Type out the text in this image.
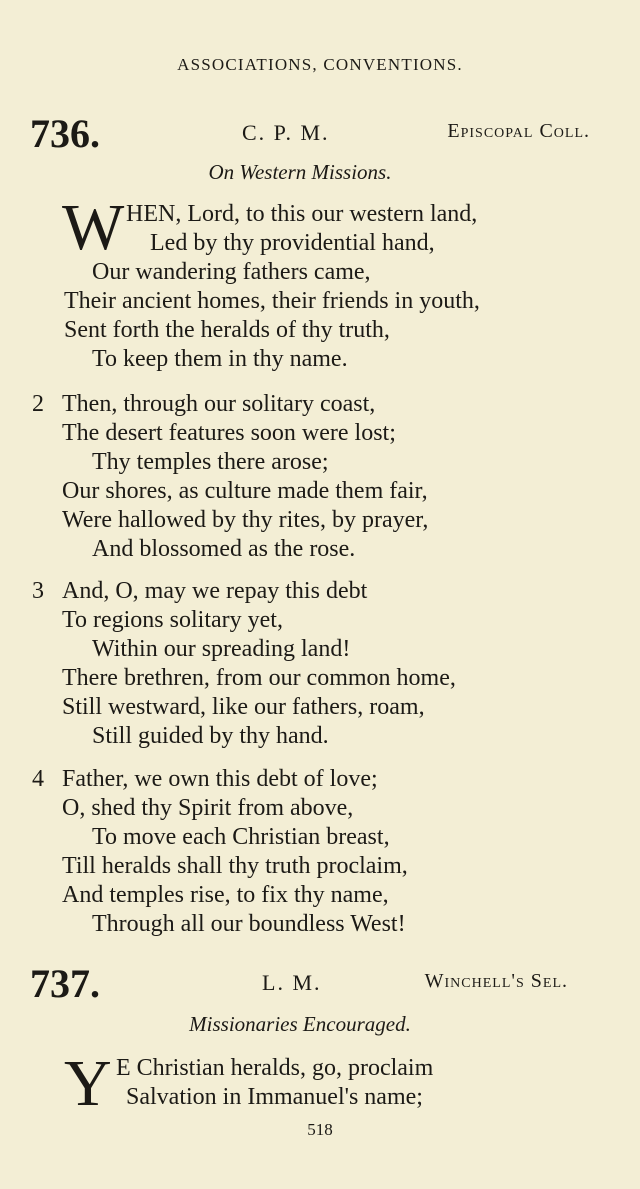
ASSOCIATIONS, CONVENTIONS.
736.	C. P. M.	Episcopal Coll.
On Western Missions.
W HEN, Lord, to this our western land,
Led by thy providential hand,
Our wandering fathers came,
Their ancient homes, their friends in youth,
Sent forth the heralds of thy truth,
To keep them in thy name.
2 Then, through our solitary coast,
The desert features soon were lost;
Thy temples there arose;
Our shores, as culture made them fair,
Were hallowed by thy rites, by prayer,
And blossomed as the rose.
3 And, O, may we repay this debt
To regions solitary yet,
Within our spreading land!
There brethren, from our common home,
Still westward, like our fathers, roam,
Still guided by thy hand.
4 Father, we own this debt of love;
O, shed thy Spirit from above,
To move each Christian breast,
Till heralds shall thy truth proclaim,
And temples rise, to fix thy name,
Through all our boundless West!
737.	L. M.	Winchell's Sel.
Missionaries Encouraged.
Y E Christian heralds, go, proclaim
Salvation in Immanuel's name;
518
